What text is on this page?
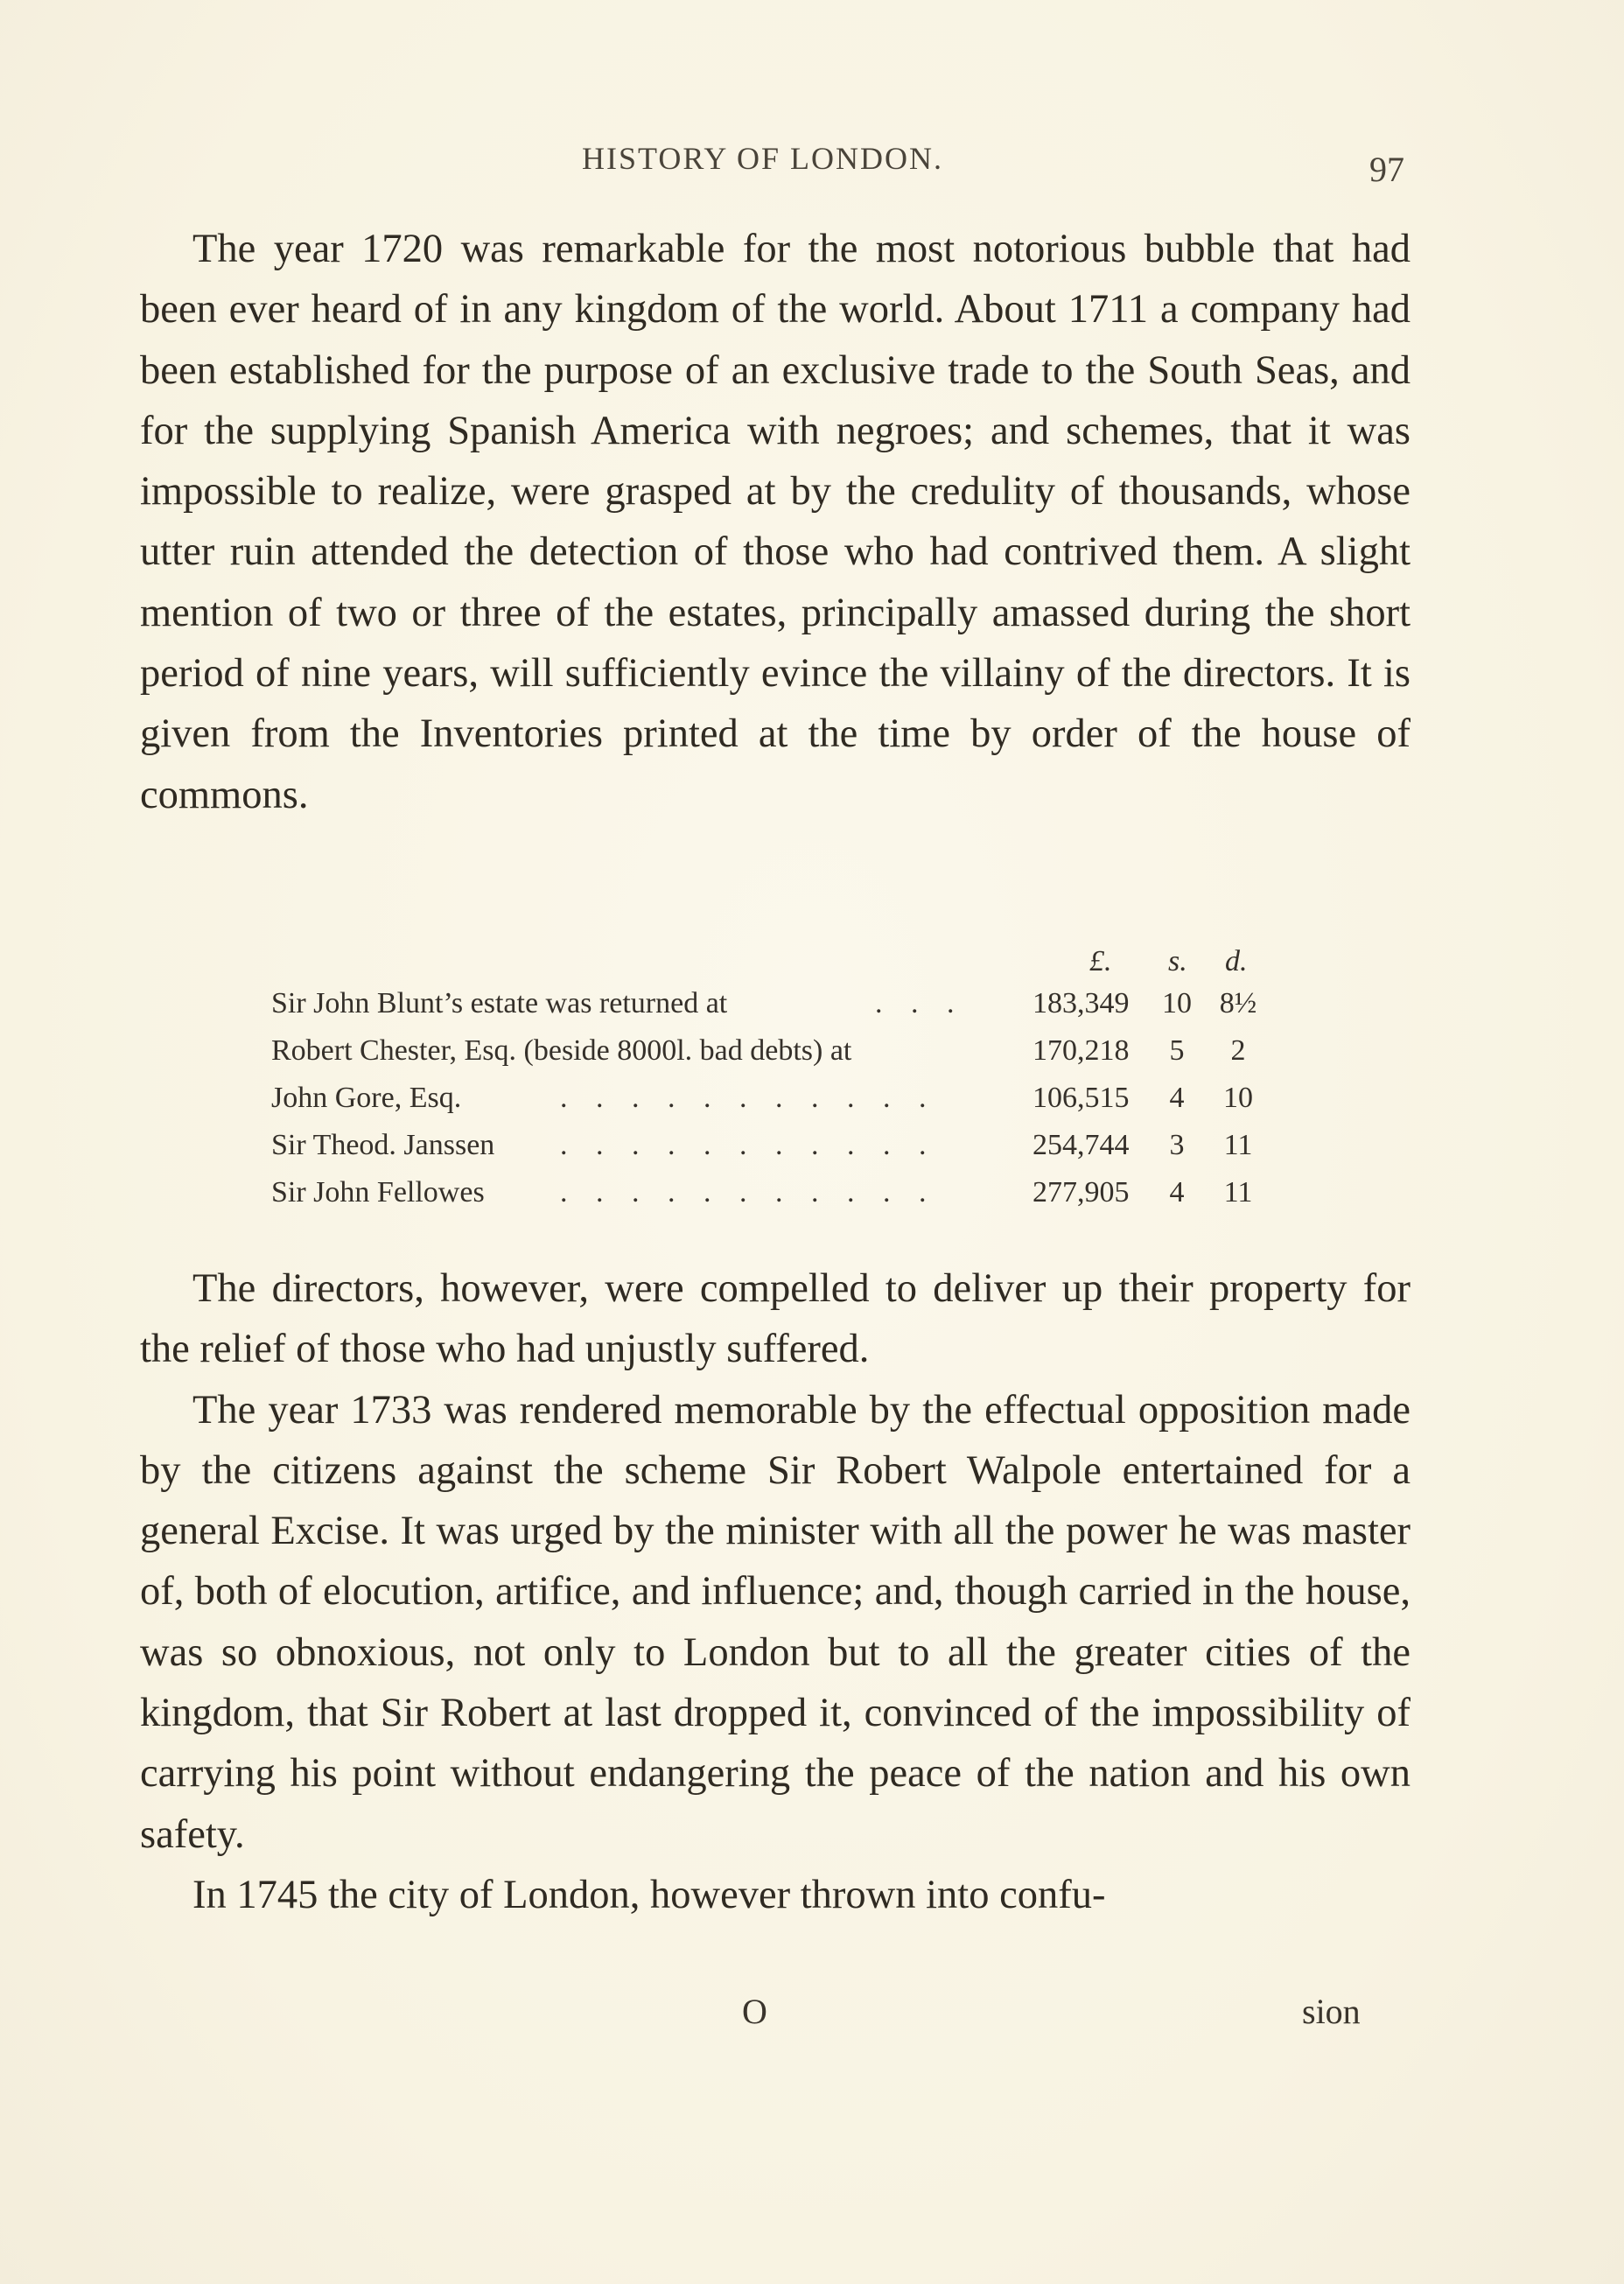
HISTORY OF LONDON.	97

The year 1720 was remarkable for the most notorious bubble that had been ever heard of in any kingdom of the world. About 1711 a company had been established for the purpose of an exclusive trade to the South Seas, and for the supplying Spanish America with negroes; and schemes, that it was impossible to realize, were grasped at by the credulity of thousands, whose utter ruin attended the detection of those who had contrived them. A slight mention of two or three of the estates, principally amassed during the short period of nine years, will sufficiently evince the villainy of the directors. It is given from the Inventories printed at the time by order of the house of commons.

£. s. d.
Sir John Blunt’s estate was returned at	. . . 183,349	10 8½
Robert Chester, Esq. (beside 8000l. bad debts) at	170,218	5	2
John Gore, Esq.	. . . . . . . . . . .	106,515	4	10
Sir Theod. Janssen . . . . . . . . . . .	254,744	3	11
Sir John Fellowes	. . . . . . . . . . .	277,905	4	11

The directors, however, were compelled to deliver up their property for the relief of those who had unjustly suffered.

The year 1733 was rendered memorable by the effectual opposition made by the citizens against the scheme Sir Robert Walpole entertained for a general Excise. It was urged by the minister with all the power he was master of, both of elocution, artifice, and influence; and, though carried in the house, was so obnoxious, not only to London but to all the greater cities of the kingdom, that Sir Robert at last dropped it, convinced of the impossibility of carrying his point without endangering the peace of the nation and his own safety.

In 1745 the city of London, however thrown into confu-

O	sion
